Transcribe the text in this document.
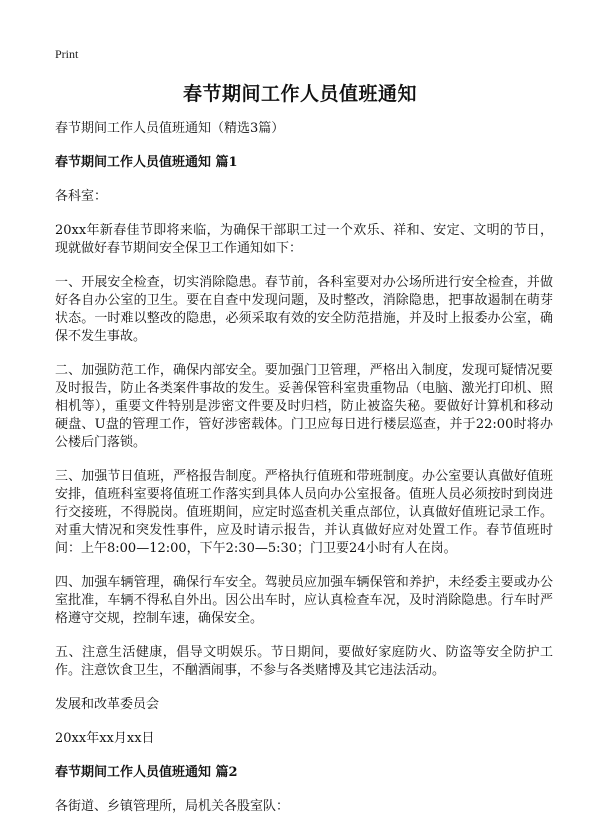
Print
春节期间工作人员值班通知

春节期间工作人员值班通知（精选3篇）

春节期间工作人员值班通知 篇1

各科室：

20xx年新春佳节即将来临，为确保干部职工过一个欢乐、祥和、安定、文明的节日，现就做好春节期间安全保卫工作通知如下：

一、开展安全检查，切实消除隐患。春节前，各科室要对办公场所进行安全检查，并做好各自办公室的卫生。要在自查中发现问题，及时整改，消除隐患，把事故遏制在萌芽状态。一时难以整改的隐患，必须采取有效的安全防范措施，并及时上报委办公室，确保不发生事故。

二、加强防范工作，确保内部安全。要加强门卫管理，严格出入制度，发现可疑情况要及时报告，防止各类案件事故的发生。妥善保管科室贵重物品（电脑、激光打印机、照相机等），重要文件特别是涉密文件要及时归档，防止被盗失秘。要做好计算机和移动硬盘、U盘的管理工作，管好涉密载体。门卫应每日进行楼层巡查，并于22:00时将办公楼后门落锁。

三、加强节日值班，严格报告制度。严格执行值班和带班制度。办公室要认真做好值班安排，值班科室要将值班工作落实到具体人员向办公室报备。值班人员必须按时到岗进行交接班，不得脱岗。值班期间，应定时巡查机关重点部位，认真做好值班记录工作。对重大情况和突发性事件，应及时请示报告，并认真做好应对处置工作。春节值班时间：上午8:00—12:00，下午2:30—5:30；门卫要24小时有人在岗。

四、加强车辆管理，确保行车安全。驾驶员应加强车辆保管和养护，未经委主要或办公室批准，车辆不得私自外出。因公出车时，应认真检查车况，及时消除隐患。行车时严格遵守交规，控制车速，确保安全。

五、注意生活健康，倡导文明娱乐。节日期间，要做好家庭防火、防盗等安全防护工作。注意饮食卫生，不酗酒闹事，不参与各类赌博及其它违法活动。

发展和改革委员会

20xx年xx月xx日

春节期间工作人员值班通知 篇2

各街道、乡镇管理所，局机关各股室队：
